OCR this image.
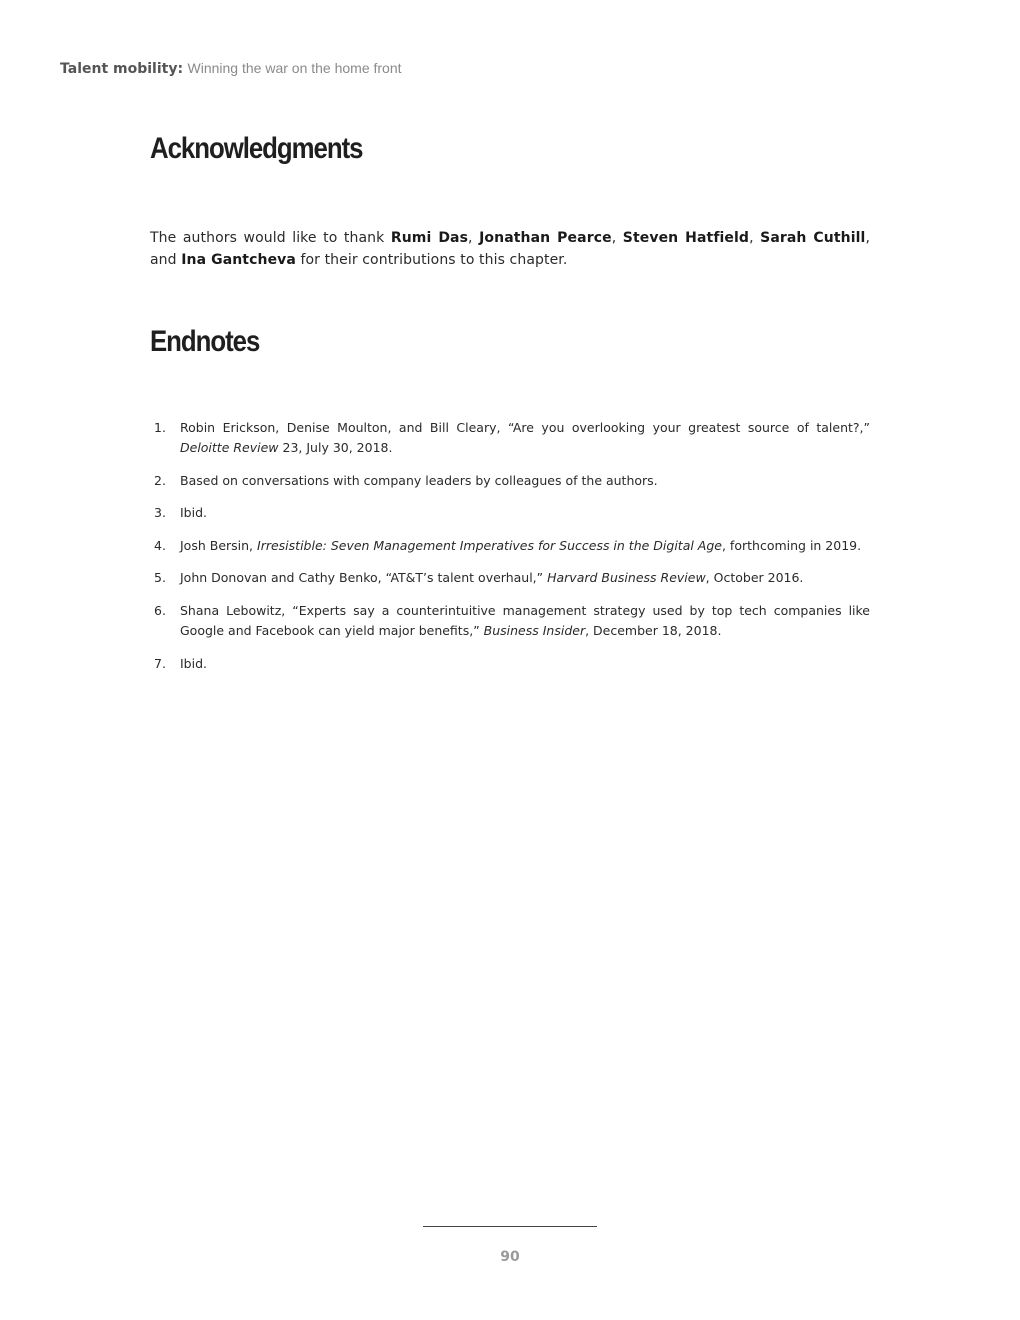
Talent mobility: Winning the war on the home front
Acknowledgments

The authors would like to thank Rumi Das, Jonathan Pearce, Steven Hatfield, Sarah Cuthill, and Ina Gantcheva for their contributions to this chapter.

Endnotes
1. Robin Erickson, Denise Moulton, and Bill Cleary, “Are you overlooking your greatest source of talent?,” Deloitte Review 23, July 30, 2018.
2. Based on conversations with company leaders by colleagues of the authors.
3. Ibid.
4. Josh Bersin, Irresistible: Seven Management Imperatives for Success in the Digital Age, forthcoming in 2019.
5. John Donovan and Cathy Benko, “AT&T’s talent overhaul,” Harvard Business Review, October 2016.
6. Shana Lebowitz, “Experts say a counterintuitive management strategy used by top tech companies like Google and Facebook can yield major benefits,” Business Insider, December 18, 2018.
7. Ibid.
90
